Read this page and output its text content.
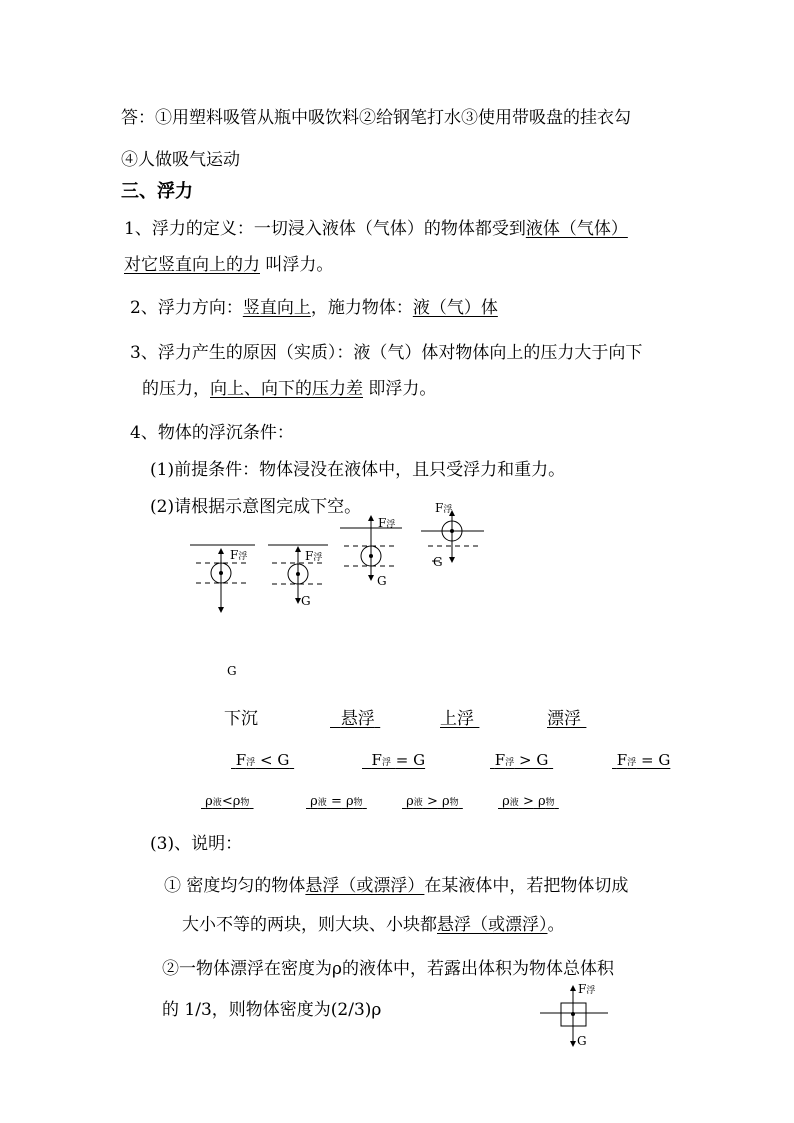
答：①用塑料吸管从瓶中吸饮料②给钢笔打水③使用带吸盘的挂衣勾
④人做吸气运动
三、浮力
1、浮力的定义：一切浸入液体（气体）的物体都受到液体（气体）
对它竖直向上的力 叫浮力。
2、浮力方向：竖直向上，施力物体：液（气）体
3、浮力产生的原因（实质）：液（气）体对物体向上的压力大于向下
的压力，向上、向下的压力差 即浮力。
4、物体的浮沉条件：
(1)前提条件：物体浸没在液体中，且只受浮力和重力。
(2)请根据示意图完成下空。
F浮	F浮
G
F浮
G
F浮
G
G
下沉	悬浮	上浮	漂浮
F浮 < G	F浮 = G	F浮 > G	F浮 = G
ρ液<ρ物	ρ液 = ρ物	ρ液 > ρ物	ρ液 > ρ物
(3)、说明：
① 密度均匀的物体悬浮（或漂浮）在某液体中，若把物体切成
大小不等的两块，则大块、小块都悬浮（或漂浮）。
②一物体漂浮在密度为ρ的液体中，若露出体积为物体总体积
的 1/3，则物体密度为(2/3)ρ
F浮
G
